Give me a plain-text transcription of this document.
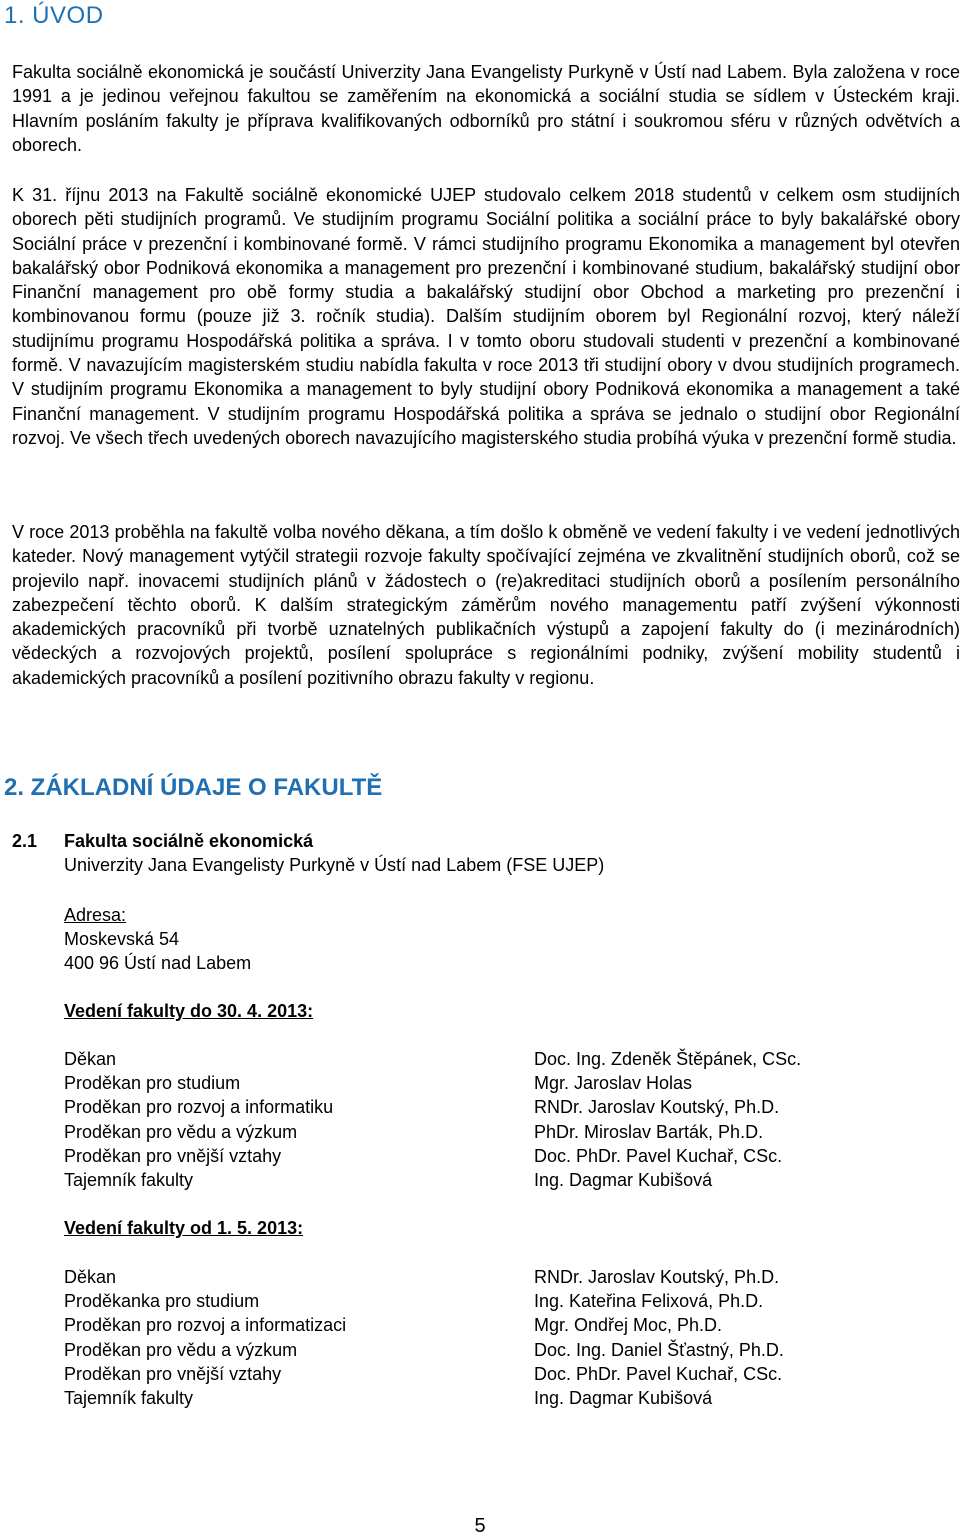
1. ÚVOD

Fakulta sociálně ekonomická je součástí Univerzity Jana Evangelisty Purkyně v Ústí nad Labem. Byla založena v roce 1991 a je jedinou veřejnou fakultou se zaměřením na ekonomická a sociální studia se sídlem v Ústeckém kraji. Hlavním posláním fakulty je příprava kvalifikovaných odborníků pro státní i soukromou sféru v různých odvětvích a oborech.

K 31. říjnu 2013 na Fakultě sociálně ekonomické UJEP studovalo celkem 2018 studentů v celkem osm studijních oborech pěti studijních programů. Ve studijním programu Sociální politika a sociální práce to byly bakalářské obory Sociální práce v prezenční i kombinované formě. V rámci studijního programu Ekonomika a management byl otevřen bakalářský obor Podniková ekonomika a management pro prezenční i kombinované studium, bakalářský studijní obor Finanční management pro obě formy studia a bakalářský studijní obor Obchod a marketing pro prezenční i kombinovanou formu (pouze již 3. ročník studia). Dalším studijním oborem byl Regionální rozvoj, který náleží studijnímu programu Hospodářská politika a správa. I v tomto oboru studovali studenti v prezenční a kombinované formě. V navazujícím magisterském studiu nabídla fakulta v roce 2013 tři studijní obory v dvou studijních programech. V studijním programu Ekonomika a management to byly studijní obory Podniková ekonomika a management a také Finanční management. V studijním programu Hospodářská politika a správa se jednalo o studijní obor Regionální rozvoj. Ve všech třech uvedených oborech navazujícího magisterského studia probíhá výuka v prezenční formě studia.

V roce 2013 proběhla na fakultě volba nového děkana, a tím došlo k obměně ve vedení fakulty i ve vedení jednotlivých kateder. Nový management vytýčil strategii rozvoje fakulty spočívající zejména ve zkvalitnění studijních oborů, což se projevilo např. inovacemi studijních plánů v žádostech o (re)akreditaci studijních oborů a posílením personálního zabezpečení těchto oborů. K dalším strategickým záměrům nového managementu patří zvýšení výkonnosti akademických pracovníků při tvorbě uznatelných publikačních výstupů a zapojení fakulty do (i mezinárodních) vědeckých a rozvojových projektů, posílení spolupráce s regionálními podniky, zvýšení mobility studentů i akademických pracovníků a posílení pozitivního obrazu fakulty v regionu.

2. ZÁKLADNÍ ÚDAJE O FAKULTĚ
2.1 Fakulta sociálně ekonomická
Univerzity Jana Evangelisty Purkyně v Ústí nad Labem (FSE UJEP)
Adresa:
Moskevská 54
400 96 Ústí nad Labem
Vedení fakulty do 30. 4. 2013:
Děkan	Doc. Ing. Zdeněk Štěpánek, CSc.
Proděkan pro studium	Mgr. Jaroslav Holas
Proděkan pro rozvoj a informatiku	RNDr. Jaroslav Koutský, Ph.D.
Proděkan pro vědu a výzkum	PhDr. Miroslav Barták, Ph.D.
Proděkan pro vnější vztahy	Doc. PhDr. Pavel Kuchař, CSc.
Tajemník fakulty	Ing. Dagmar Kubišová
Vedení fakulty od 1. 5. 2013:
Děkan	RNDr. Jaroslav Koutský, Ph.D.
Proděkanka pro studium	Ing. Kateřina Felixová, Ph.D.
Proděkan pro rozvoj a informatizaci	Mgr. Ondřej Moc, Ph.D.
Proděkan pro vědu a výzkum	Doc. Ing. Daniel Šťastný, Ph.D.
Proděkan pro vnější vztahy	Doc. PhDr. Pavel Kuchař, CSc.
Tajemník fakulty	Ing. Dagmar Kubišová
5
